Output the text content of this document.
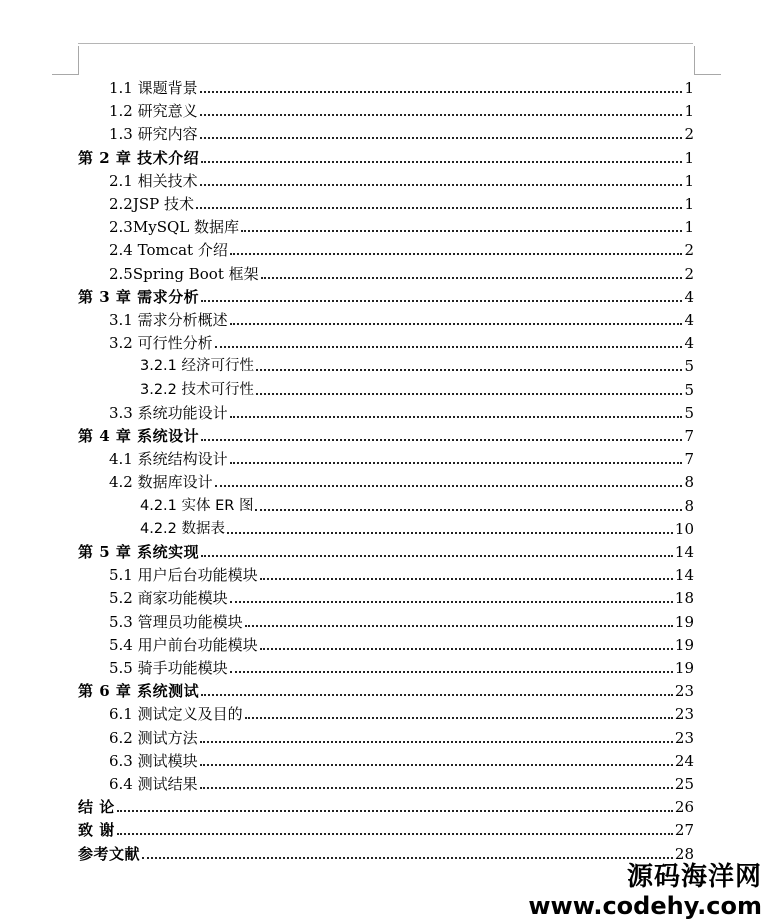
1.1 课题背景	1
1.2 研究意义	1
1.3 研究内容	2
第 2 章 技术介绍	1
2.1 相关技术	1
2.2JSP 技术	1
2.3MySQL 数据库	1
2.4 Tomcat 介绍	2
2.5Spring Boot 框架	2
第 3 章 需求分析	4
3.1 需求分析概述	4
3.2 可行性分析	4
3.2.1 经济可行性	5
3.2.2 技术可行性	5
3.3 系统功能设计	5
第 4 章 系统设计	7
4.1 系统结构设计	7
4.2 数据库设计	8
4.2.1 实体 ER 图	8
4.2.2 数据表	10
第 5 章 系统实现	14
5.1 用户后台功能模块	14
5.2 商家功能模块	18
5.3 管理员功能模块	19
5.4 用户前台功能模块	19
5.5 骑手功能模块	19
第 6 章 系统测试	23
6.1 测试定义及目的	23
6.2 测试方法	23
6.3 测试模块	24
6.4 测试结果	25
结 论	26
致 谢	27
参考文献	28
源码海洋网
www.codehy.com
